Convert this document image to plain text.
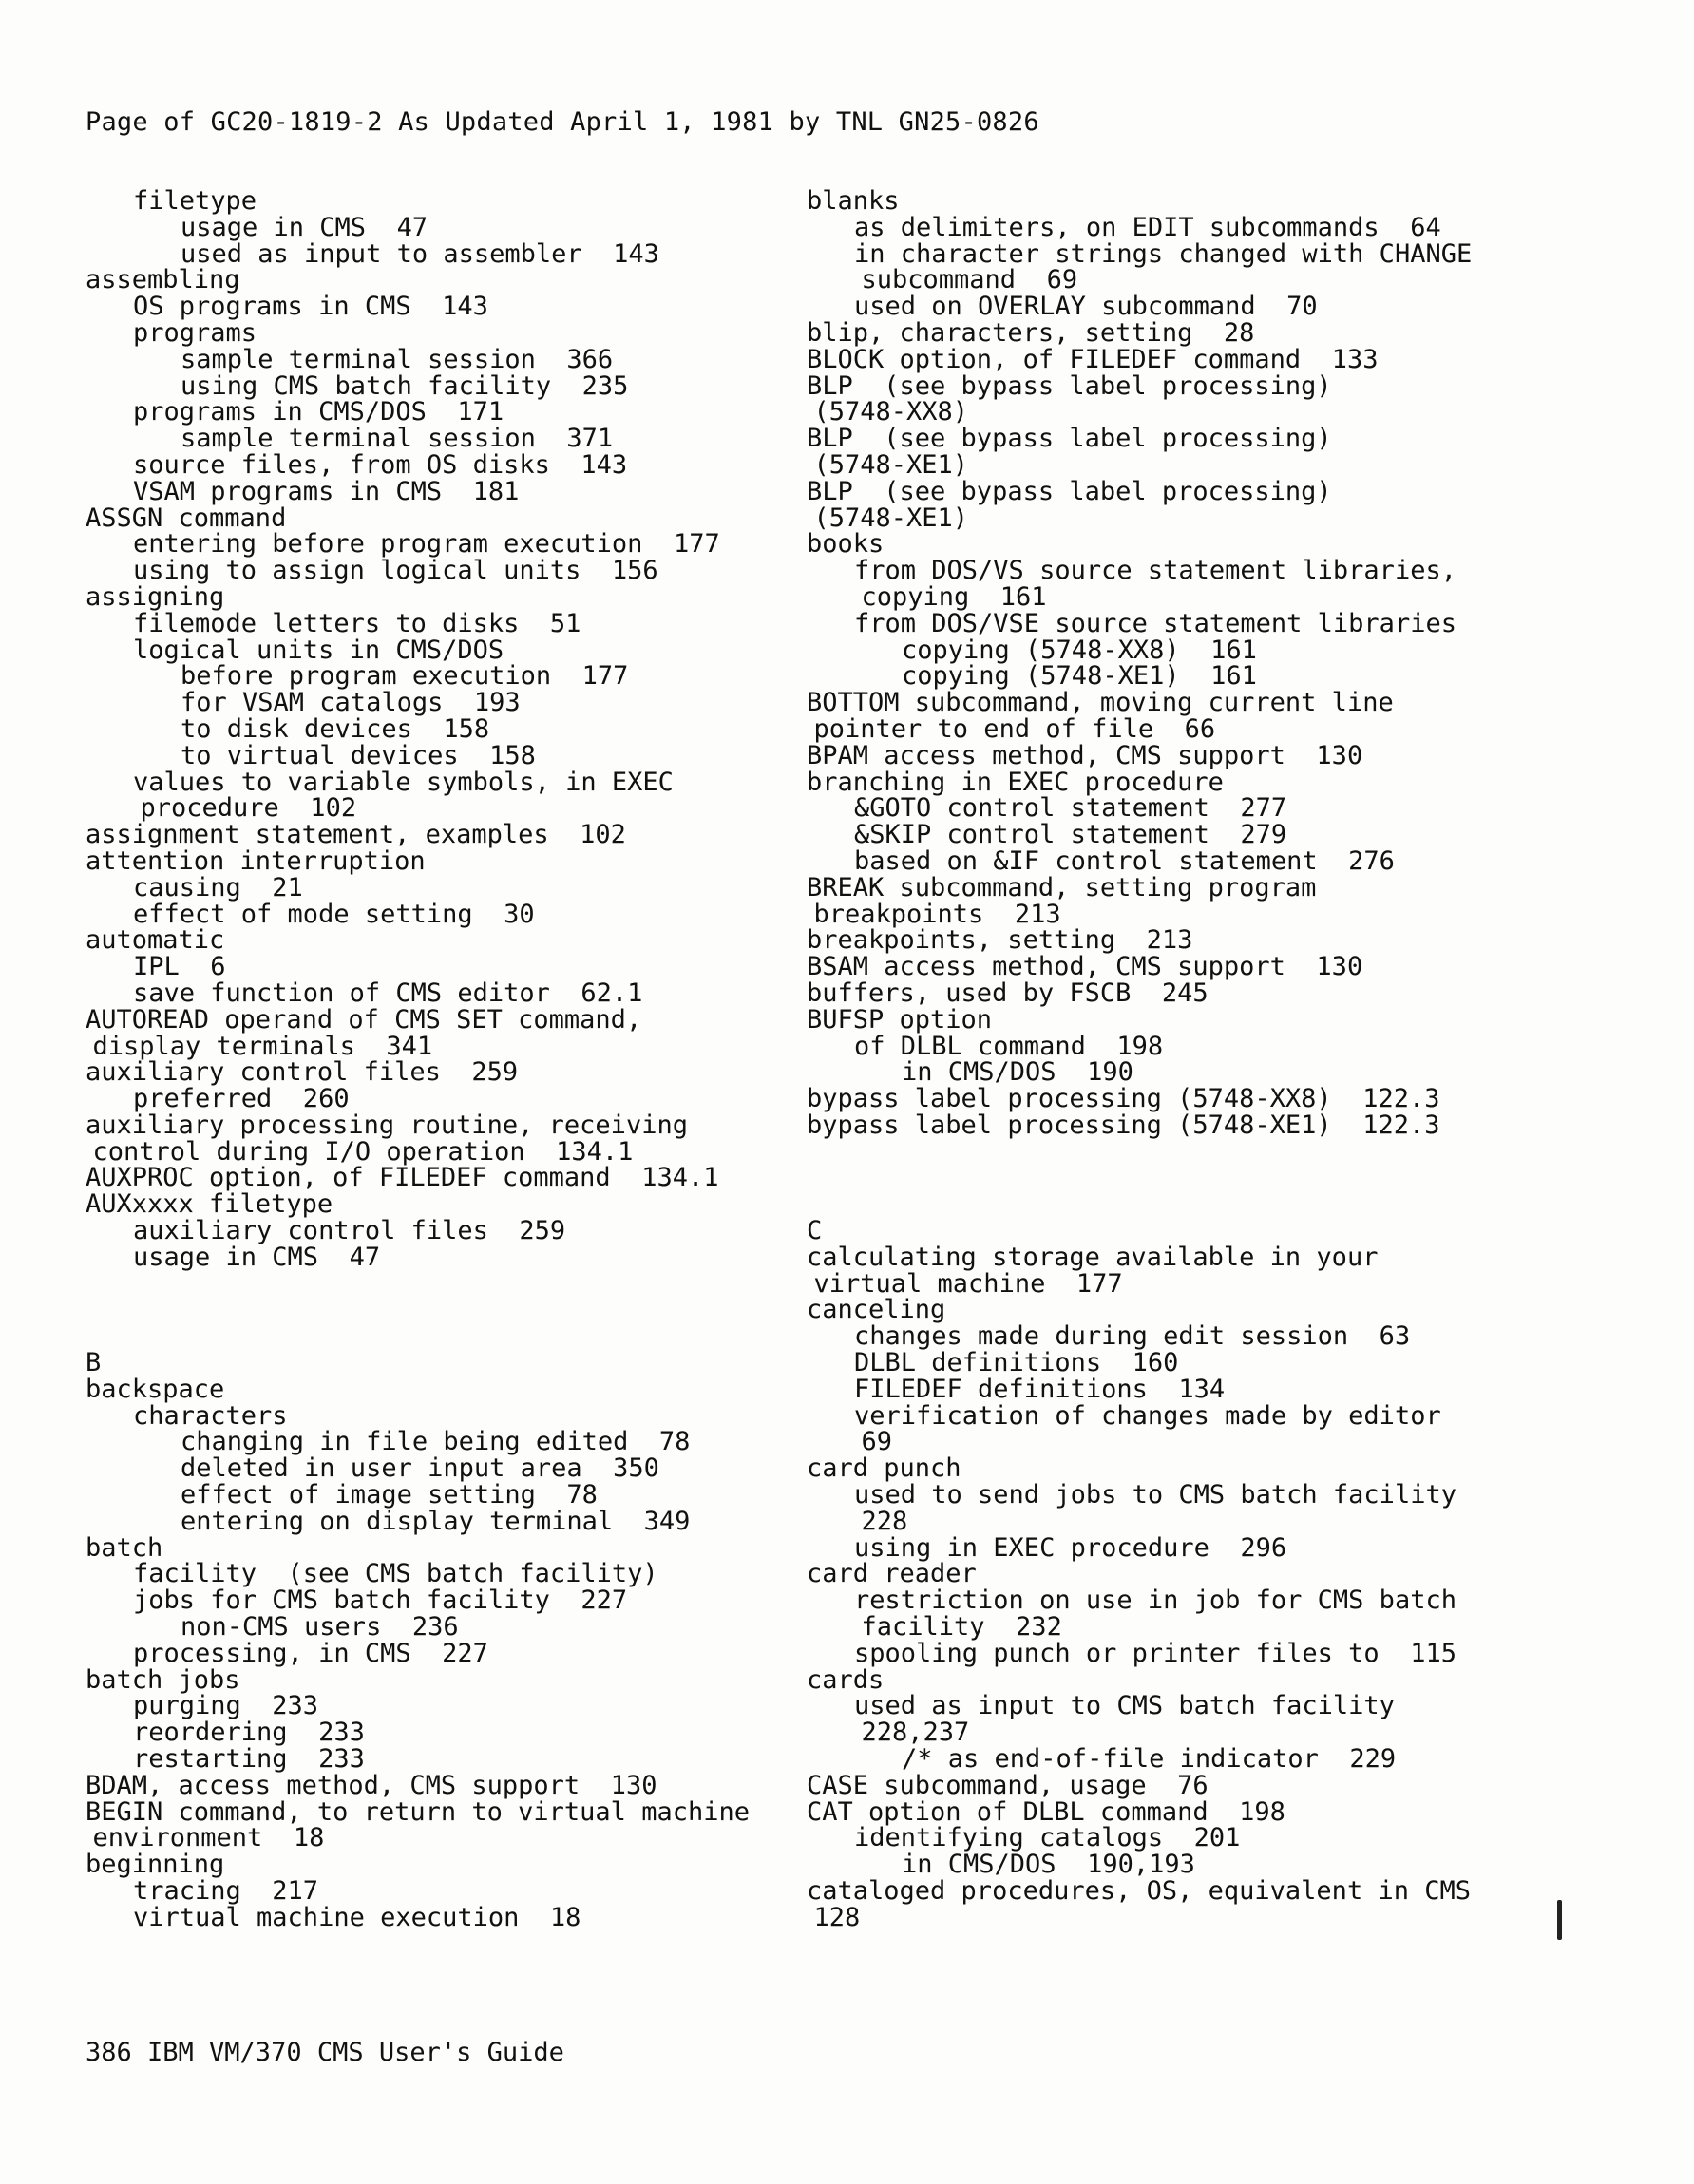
Page of GC20-1819-2 As Updated April 1, 1981 by TNL GN25-0826
filetype
usage in CMS  47
used as input to assembler  143
assembling
OS programs in CMS  143
programs
sample terminal session  366
using CMS batch facility  235
programs in CMS/DOS  171
sample terminal session  371
source files, from OS disks  143
VSAM programs in CMS  181
ASSGN command
entering before program execution  177
using to assign logical units  156
assigning
filemode letters to disks  51
logical units in CMS/DOS
before program execution  177
for VSAM catalogs  193
to disk devices  158
to virtual devices  158
values to variable symbols, in EXEC
procedure  102
assignment statement, examples  102
attention interruption
causing  21
effect of mode setting  30
automatic
IPL  6
save function of CMS editor  62.1
AUTOREAD operand of CMS SET command,
display terminals  341
auxiliary control files  259
preferred  260
auxiliary processing routine, receiving
control during I/O operation  134.1
AUXPROC option, of FILEDEF command  134.1
AUXxxxx filetype
auxiliary control files  259
usage in CMS  47
B
backspace
characters
changing in file being edited  78
deleted in user input area  350
effect of image setting  78
entering on display terminal  349
batch
facility  (see CMS batch facility)
jobs for CMS batch facility  227
non-CMS users  236
processing, in CMS  227
batch jobs
purging  233
reordering  233
restarting  233
BDAM, access method, CMS support  130
BEGIN command, to return to virtual machine
environment  18
beginning
tracing  217
virtual machine execution  18
blanks
as delimiters, on EDIT subcommands  64
in character strings changed with CHANGE
subcommand  69
used on OVERLAY subcommand  70
blip, characters, setting  28
BLOCK option, of FILEDEF command  133
BLP  (see bypass label processing)
(5748-XX8)
BLP  (see bypass label processing)
(5748-XE1)
BLP  (see bypass label processing)
(5748-XE1)
books
from DOS/VS source statement libraries,
copying  161
from DOS/VSE source statement libraries
copying (5748-XX8)  161
copying (5748-XE1)  161
BOTTOM subcommand, moving current line
pointer to end of file  66
BPAM access method, CMS support  130
branching in EXEC procedure
&GOTO control statement  277
&SKIP control statement  279
based on &IF control statement  276
BREAK subcommand, setting program
breakpoints  213
breakpoints, setting  213
BSAM access method, CMS support  130
buffers, used by FSCB  245
BUFSP option
of DLBL command  198
in CMS/DOS  190
bypass label processing (5748-XX8)  122.3
bypass label processing (5748-XE1)  122.3
C
calculating storage available in your
virtual machine  177
canceling
changes made during edit session  63
DLBL definitions  160
FILEDEF definitions  134
verification of changes made by editor
69
card punch
used to send jobs to CMS batch facility
228
using in EXEC procedure  296
card reader
restriction on use in job for CMS batch
facility  232
spooling punch or printer files to  115
cards
used as input to CMS batch facility
228,237
/* as end-of-file indicator  229
CASE subcommand, usage  76
CAT option of DLBL command  198
identifying catalogs  201
in CMS/DOS  190,193
cataloged procedures, OS, equivalent in CMS
128
386 IBM VM/370 CMS User's Guide
